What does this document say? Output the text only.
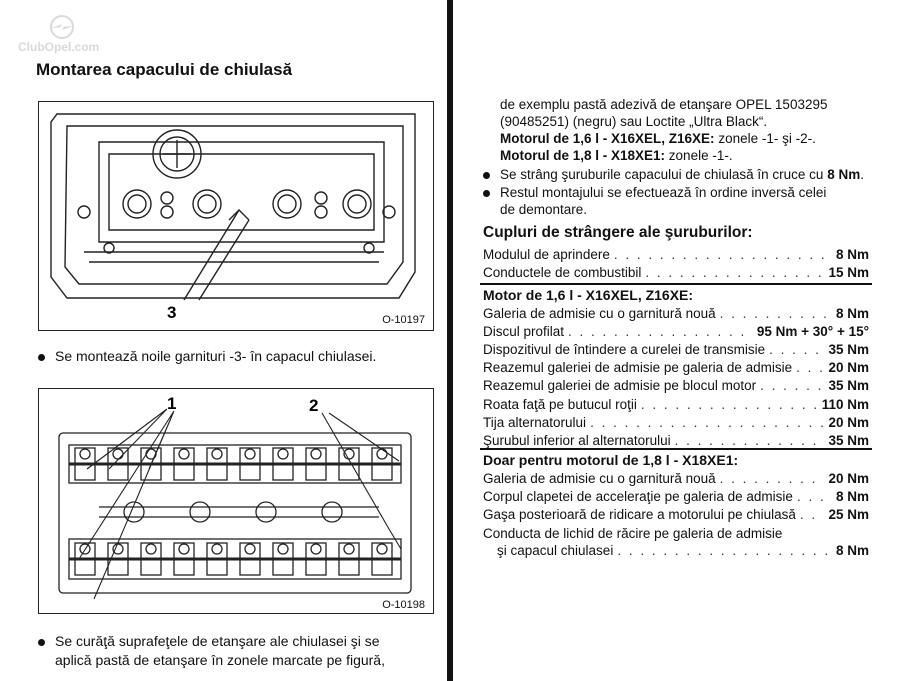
ClubOpel.com
Montarea capacului de chiulasă
3	O-10197
Se montează noile garnituri -3- în capacul chiulasei.
1	2
O-10198
Se curăţă suprafeţele de etanşare ale chiulasei şi se
aplică pastă de etanşare în zonele marcate pe figură,
de exemplu pastă adezivă de etanşare OPEL 1503295
(90485251) (negru) sau Loctite „Ultra Black“.
Motorul de 1,6 l - X16XEL, Z16XE: zonele -1- şi -2-.
Motorul de 1,8 l - X18XE1: zonele -1-.
Se strâng şuruburile capacului de chiulasă în cruce cu 8 Nm.
Restul montajului se efectuează în ordine inversă celei
de demontare.
Cupluri de strângere ale şuruburilor:
Modulul de aprindere . . .	8 Nm
Conductele de combustibil . . .	15 Nm
Motor de 1,6 l - X16XEL, Z16XE:
Galeria de admisie cu o garnitură nouă . . .	8 Nm
Discul profilat . . .	95 Nm + 30° + 15°
Dispozitivul de întindere a curelei de transmisie . . .	35 Nm
Reazemul galeriei de admisie pe galeria de admisie . . .	20 Nm
Reazemul galeriei de admisie pe blocul motor . . .	35 Nm
Roata faţă pe butucul roţii . . .	110 Nm
Tija alternatorului . . .	20 Nm
Şurubul inferior al alternatorului . . .	35 Nm
Doar pentru motorul de 1,8 l - X18XE1:
Galeria de admisie cu o garnitură nouă . . .	20 Nm
Corpul clapetei de acceleraţie pe galeria de admisie . . .	8 Nm
Gaşa posterioară de ridicare a motorului pe chiulasă . . . 25 Nm
Conducta de lichid de răcire pe galeria de admisie
şi capacul chiulasei . . .	8 Nm
